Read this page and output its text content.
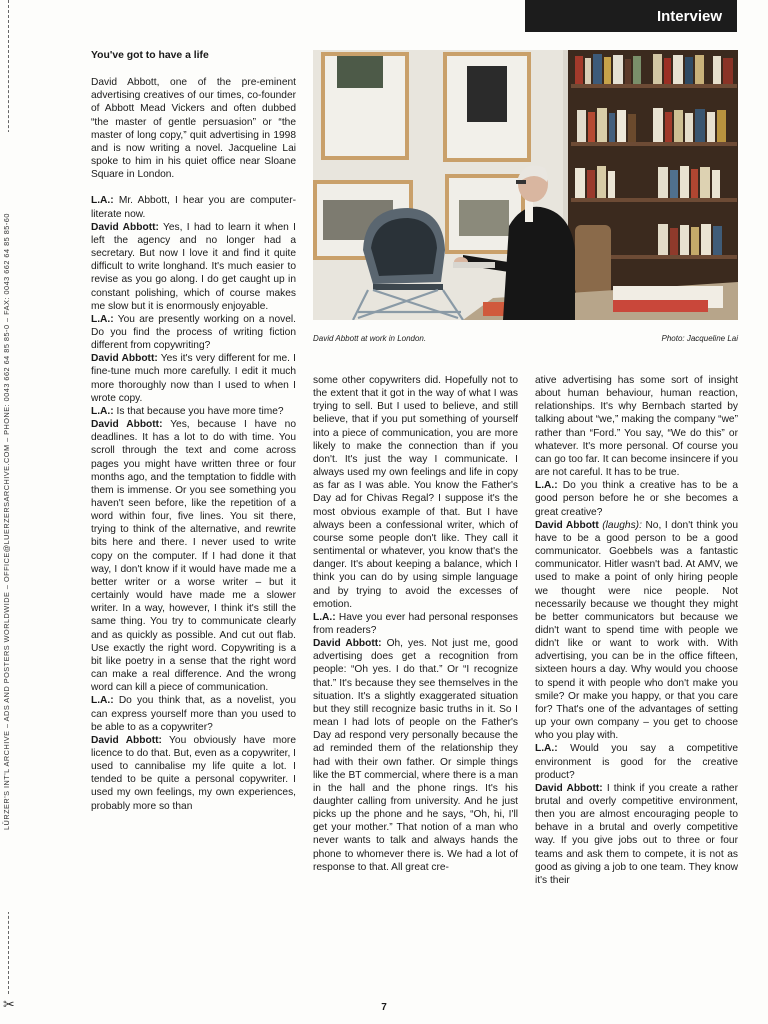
Interview
LÜRZER'S INT'L ARCHIVE – ADS AND POSTERS WORLDWIDE – OFFICE@LUERZERSARCHIVE.COM – PHONE: 0043 662 64 85 85-0 – FAX: 0043 662 64 85 85-60
✂

You've got to have a life

David Abbott, one of the pre-eminent advertising creatives of our times, co-founder of Abbott Mead Vickers and often dubbed “the master of gentle persuasion” or “the master of long copy,” quit advertising in 1998 and is now writing a novel. Jacqueline Lai spoke to him in his quiet office near Sloane Square in London.

L.A.: Mr. Abbott, I hear you are computer-literate now.

David Abbott: Yes, I had to learn it when I left the agency and no longer had a secretary. But now I love it and find it quite difficult to write longhand. It's much easier to revise as you go along. I do get caught up in constant polishing, which of course makes me slow but it is enormously enjoyable.

L.A.: You are presently working on a novel. Do you find the process of writing fiction different from copywriting?

David Abbott: Yes it's very different for me. I fine-tune much more carefully. I edit it much more thoroughly now than I used to when I wrote copy.

L.A.: Is that because you have more time?

David Abbott: Yes, because I have no deadlines. It has a lot to do with time. You scroll through the text and come across pages you might have written three or four months ago, and the temptation to fiddle with them is immense. Or you see something you haven't seen before, like the repetition of a word within four, five lines. You sit there, trying to think of the alternative, and rewrite bits here and there. I never used to write copy on the computer. If I had done it that way, I don't know if it would have made me a better writer or a worse writer – but it certainly would have made me a slower writer. In a way, however, I think it's still the same thing. You try to communicate clearly and as quickly as possible. And cut out flab. Use exactly the right word. Copywriting is a bit like poetry in a sense that the right word can make a real difference. And the wrong word can kill a piece of communication.

L.A.: Do you think that, as a novelist, you can express yourself more than you used to be able to as a copywriter?

David Abbott: You obviously have more licence to do that. But, even as a copywriter, I used to cannibalise my life quite a lot. I tended to be quite a personal copywriter. I used my own feelings, my own experiences, probably more so than

David Abbott at work in London.	Photo: Jacqueline Lai

some other copywriters did. Hopefully not to the extent that it got in the way of what I was trying to sell. But I used to believe, and still believe, that if you put something of yourself into a piece of communication, you are more likely to make the connection than if you don't. It's just the way I communicate. I always used my own feelings and life in copy as far as I was able. You know the Father's Day ad for Chivas Regal? I suppose it's the most obvious example of that. But I have always been a confessional writer, which of course some people don't like. They call it sentimental or whatever, you know that's the danger. It's about keeping a balance, which I think you can do by using simple language and by trying to avoid the excesses of emotion.

L.A.: Have you ever had personal responses from readers?

David Abbott: Oh, yes. Not just me, good advertising does get a recognition from people: “Oh yes. I do that.” Or “I recognize that.” It's because they see themselves in the situation. It's a slightly exaggerated situation but they still recognize basic truths in it. So I mean I had lots of people on the Father's Day ad respond very personally because the ad reminded them of the relationship they had with their own father. Or simple things like the BT commercial, where there is a man in the hall and the phone rings. It's his daughter calling from university. And he just picks up the phone and he says, “Oh, hi, I'll get your mother.” That notion of a man who never wants to talk and always hands the phone to whomever there is. We had a lot of response to that. All great cre-

ative advertising has some sort of insight about human behaviour, human reaction, relationships. It's why Bernbach started by talking about “we,” making the company “we” rather than “Ford.” You say, “We do this” or whatever. It's more personal. Of course you can go too far. It can become insincere if you are not careful. It has to be true.

L.A.: Do you think a creative has to be a good person before he or she becomes a great creative?

David Abbott (laughs): No, I don't think you have to be a good person to be a good communicator. Goebbels was a fantastic communicator. Hitler wasn't bad. At AMV, we used to make a point of only hiring people we thought were nice people. Not necessarily because we thought they might be better communicators but because we didn't want to spend time with people we didn't like or want to work with. With advertising, you can be in the office fifteen, sixteen hours a day. Why would you choose to spend it with people who don't make you smile? Or make you happy, or that you care for? That's one of the advantages of setting up your own company – you get to choose who you play with.

L.A.: Would you say a competitive environment is good for the creative product?

David Abbott: I think if you create a rather brutal and overly competitive environment, then you are almost encouraging people to behave in a brutal and overly competitive way. If you give jobs out to three or four teams and ask them to compete, it is not as good as giving a job to one team. They know it's their

7
